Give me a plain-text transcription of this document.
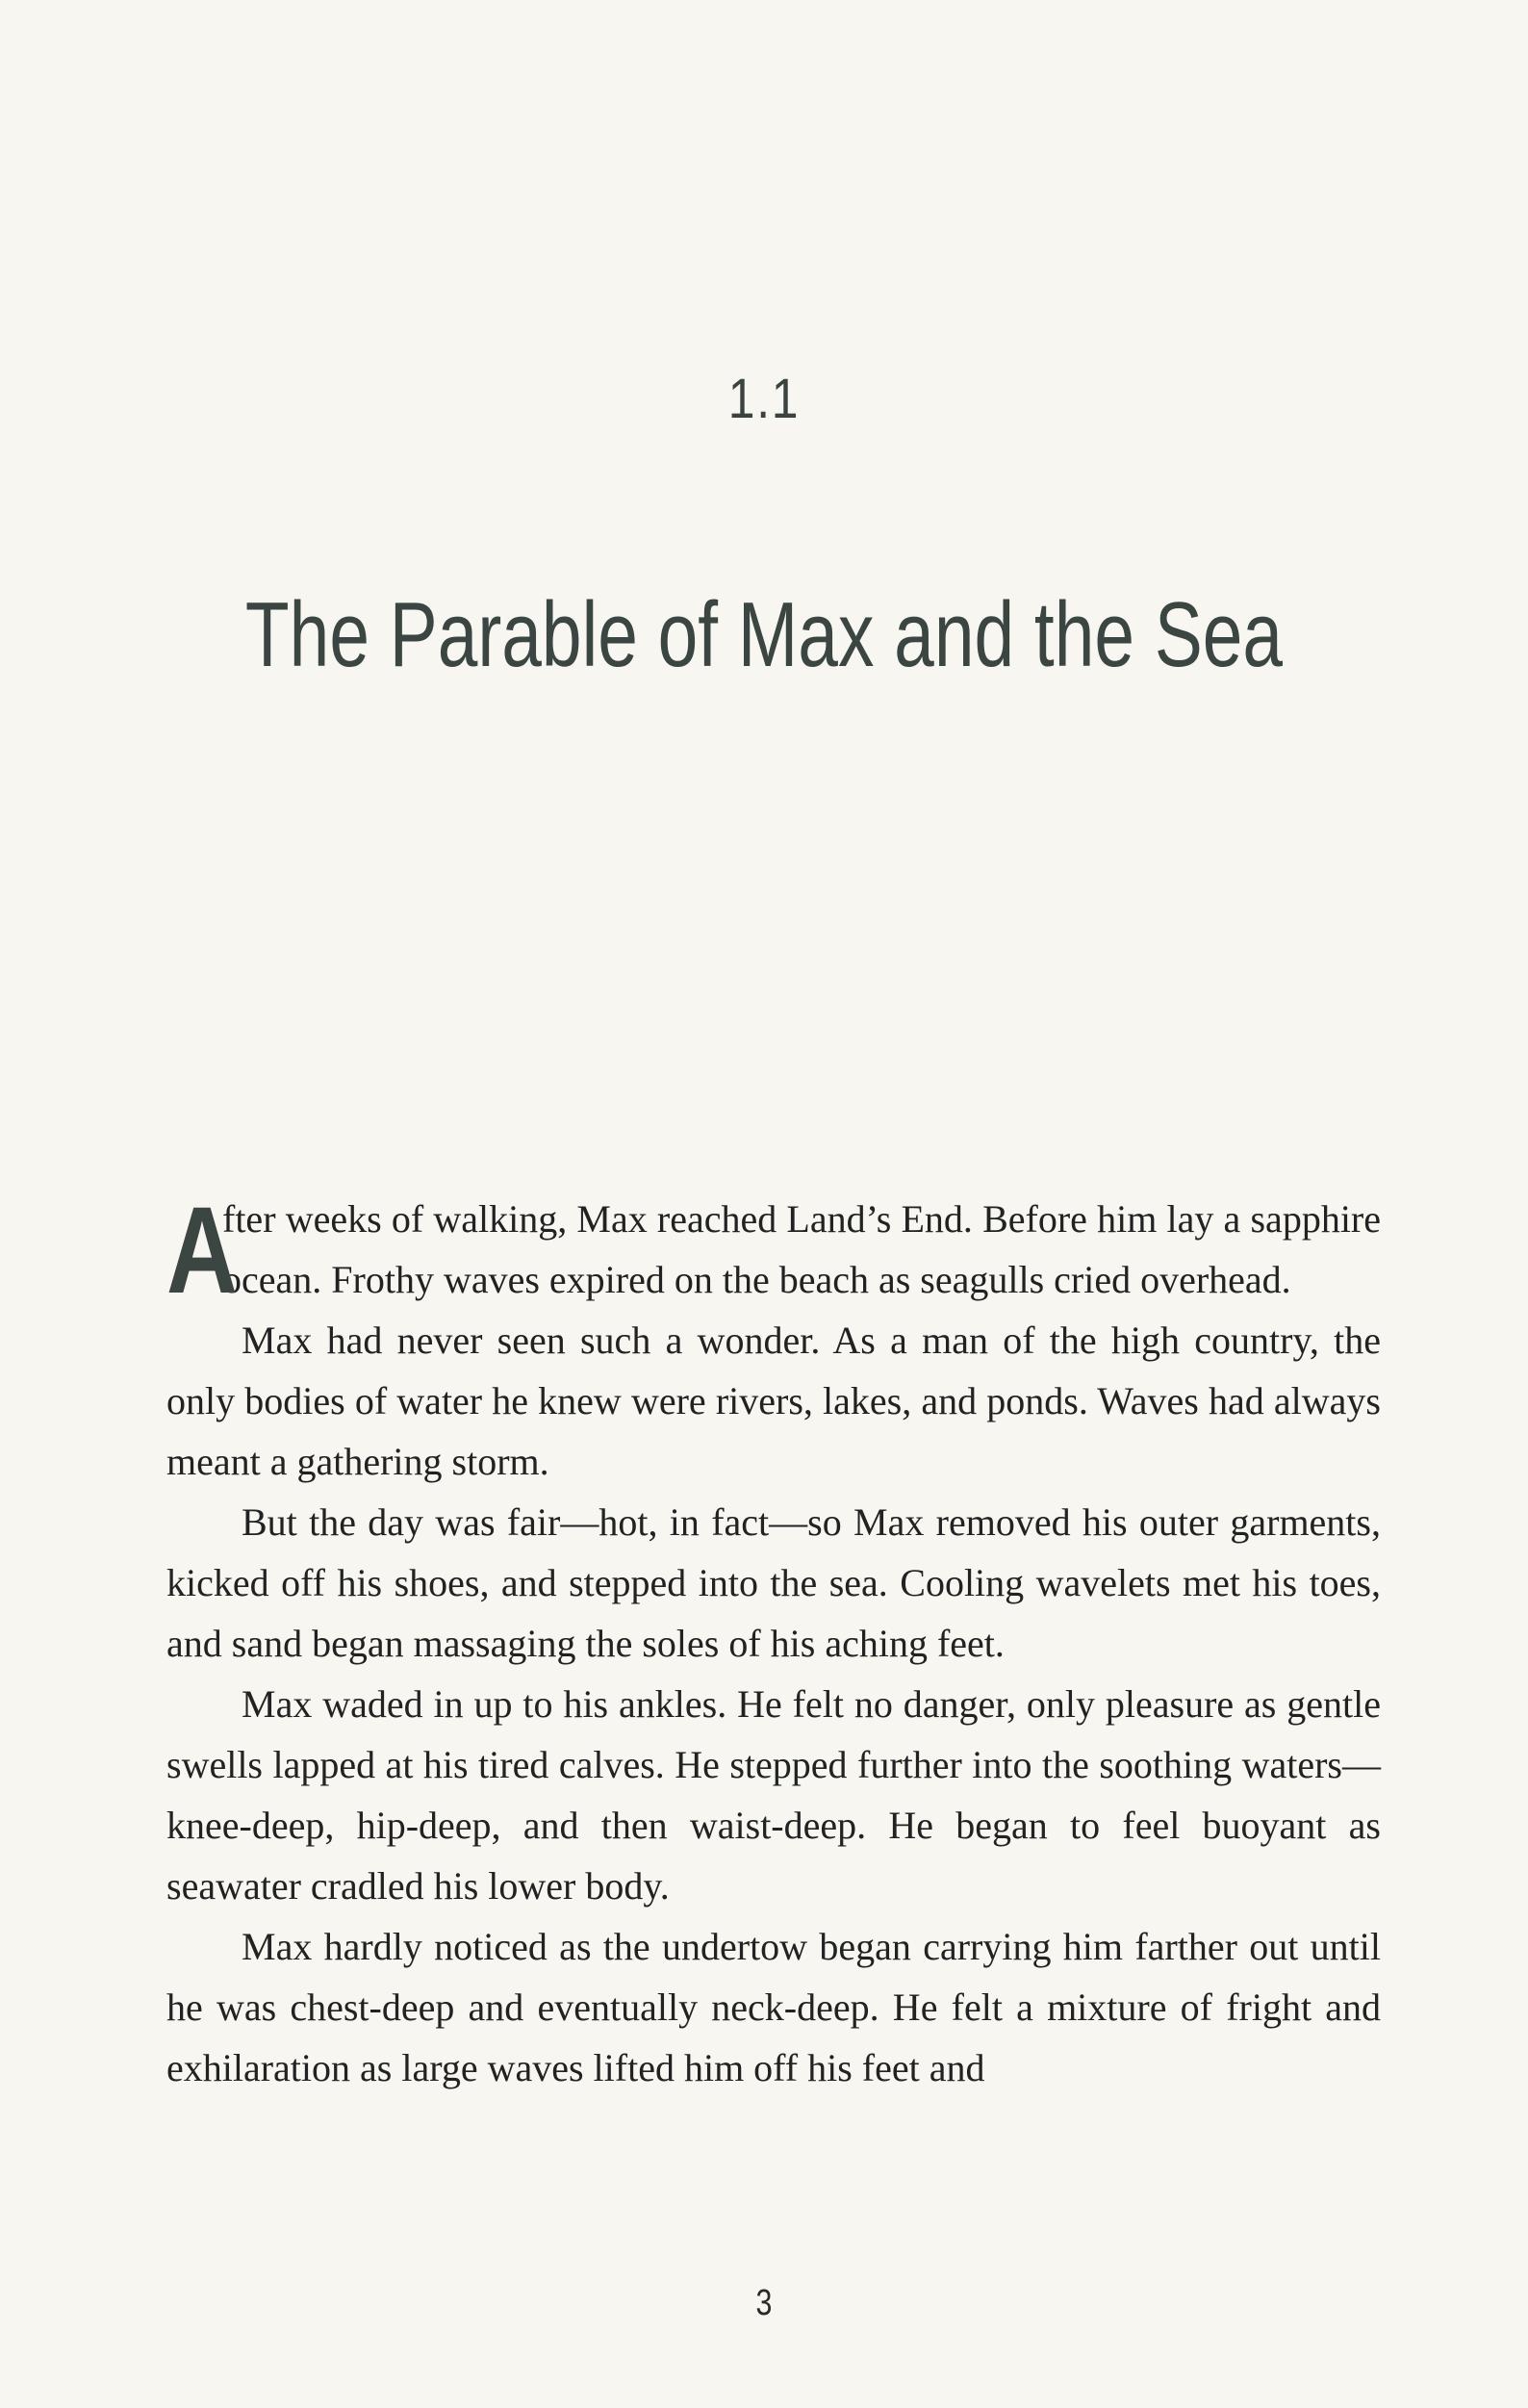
1.1
The Parable of Max and the Sea

A
fter weeks of walking, Max reached Land’s End. Before him lay a sapphire ocean. Frothy waves expired on the beach as seagulls cried overhead.

Max had never seen such a wonder. As a man of the high country, the only bodies of water he knew were rivers, lakes, and ponds. Waves had always meant a gathering storm.

But the day was fair—hot, in fact—so Max removed his outer garments, kicked off his shoes, and stepped into the sea. Cooling wavelets met his toes, and sand began massaging the soles of his aching feet.

Max waded in up to his ankles. He felt no danger, only pleasure as gentle swells lapped at his tired calves. He stepped further into the soothing waters—knee-deep, hip-deep, and then waist-deep. He began to feel buoyant as seawater cradled his lower body.

Max hardly noticed as the undertow began carrying him farther out until he was chest-deep and eventually neck-deep. He felt a mixture of fright and exhilaration as large waves lifted him off his feet and

3
